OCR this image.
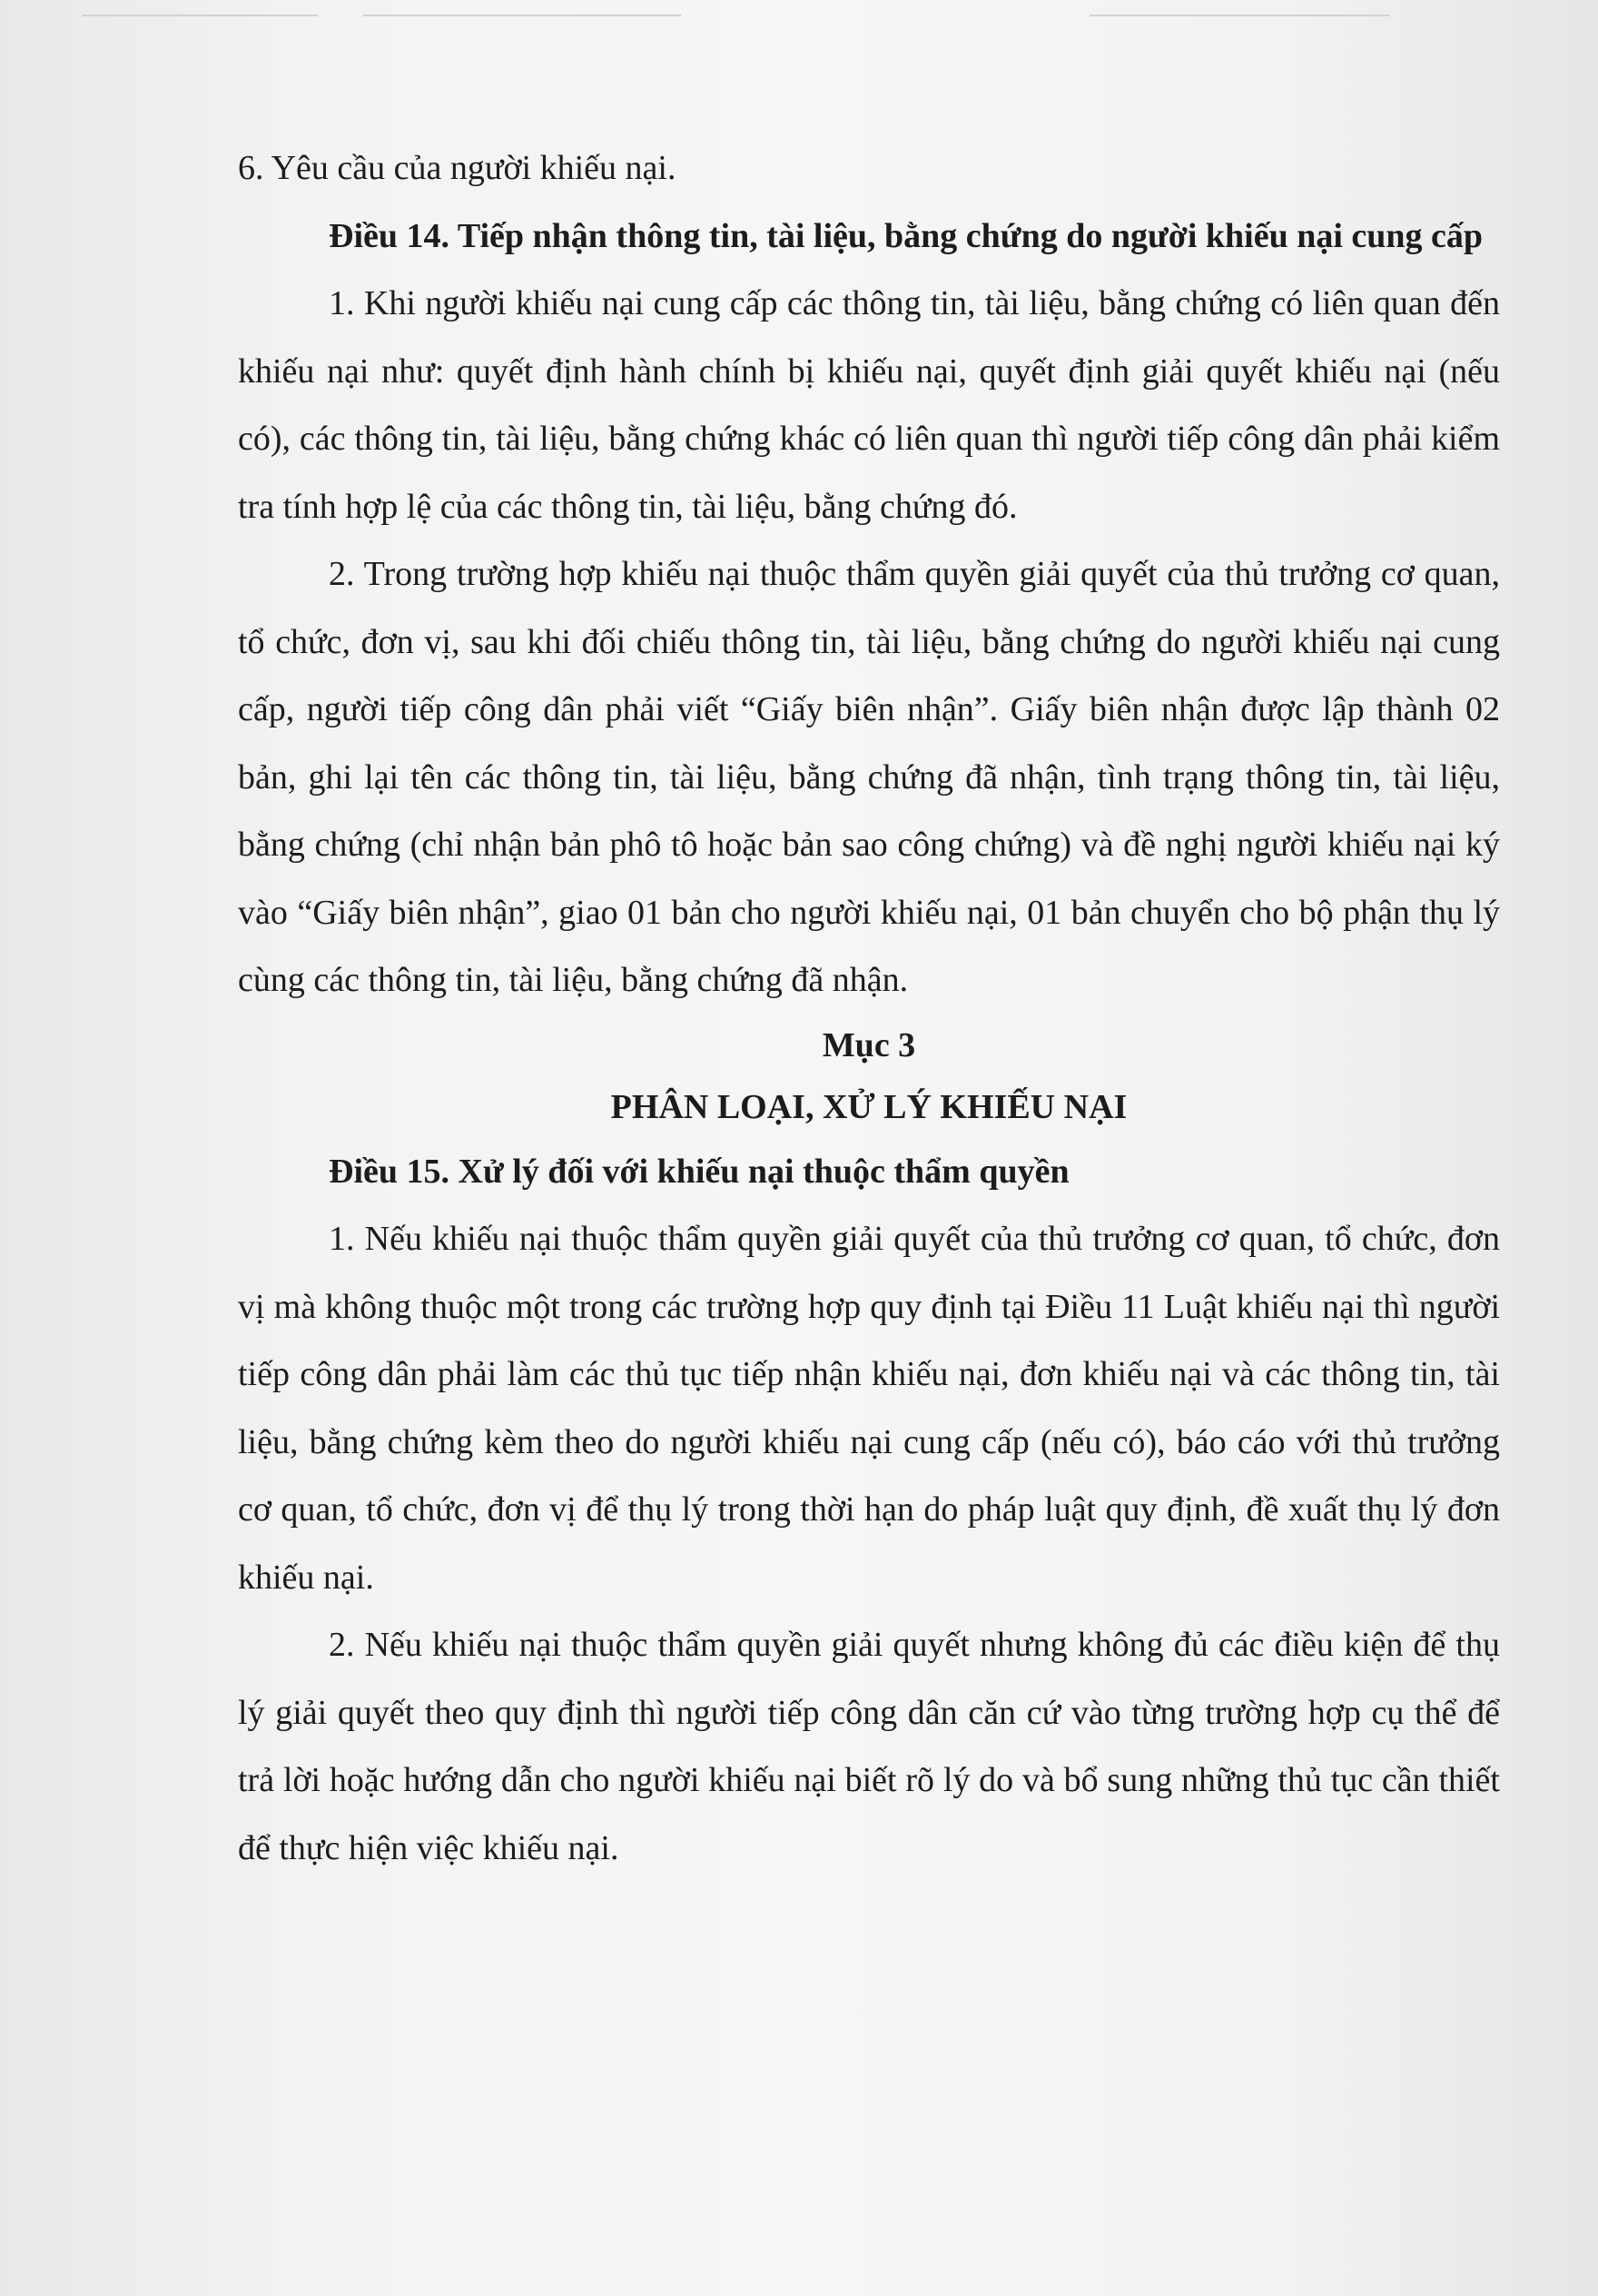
6. Yêu cầu của người khiếu nại.

Điều 14. Tiếp nhận thông tin, tài liệu, bằng chứng do người khiếu nại cung cấp

1. Khi người khiếu nại cung cấp các thông tin, tài liệu, bằng chứng có liên quan đến khiếu nại như: quyết định hành chính bị khiếu nại, quyết định giải quyết khiếu nại (nếu có), các thông tin, tài liệu, bằng chứng khác có liên quan thì người tiếp công dân phải kiểm tra tính hợp lệ của các thông tin, tài liệu, bằng chứng đó.

2. Trong trường hợp khiếu nại thuộc thẩm quyền giải quyết của thủ trưởng cơ quan, tổ chức, đơn vị, sau khi đối chiếu thông tin, tài liệu, bằng chứng do người khiếu nại cung cấp, người tiếp công dân phải viết “Giấy biên nhận”. Giấy biên nhận được lập thành 02 bản, ghi lại tên các thông tin, tài liệu, bằng chứng đã nhận, tình trạng thông tin, tài liệu, bằng chứng (chỉ nhận bản phô tô hoặc bản sao công chứng) và đề nghị người khiếu nại ký vào “Giấy biên nhận”, giao 01 bản cho người khiếu nại, 01 bản chuyển cho bộ phận thụ lý cùng các thông tin, tài liệu, bằng chứng đã nhận.

Mục 3

PHÂN LOẠI, XỬ LÝ KHIẾU NẠI

Điều 15. Xử lý đối với khiếu nại thuộc thẩm quyền

1. Nếu khiếu nại thuộc thẩm quyền giải quyết của thủ trưởng cơ quan, tổ chức, đơn vị mà không thuộc một trong các trường hợp quy định tại Điều 11 Luật khiếu nại thì người tiếp công dân phải làm các thủ tục tiếp nhận khiếu nại, đơn khiếu nại và các thông tin, tài liệu, bằng chứng kèm theo do người khiếu nại cung cấp (nếu có), báo cáo với thủ trưởng cơ quan, tổ chức, đơn vị để thụ lý trong thời hạn do pháp luật quy định, đề xuất thụ lý đơn khiếu nại.

2. Nếu khiếu nại thuộc thẩm quyền giải quyết nhưng không đủ các điều kiện để thụ lý giải quyết theo quy định thì người tiếp công dân căn cứ vào từng trường hợp cụ thể để trả lời hoặc hướng dẫn cho người khiếu nại biết rõ lý do và bổ sung những thủ tục cần thiết để thực hiện việc khiếu nại.
